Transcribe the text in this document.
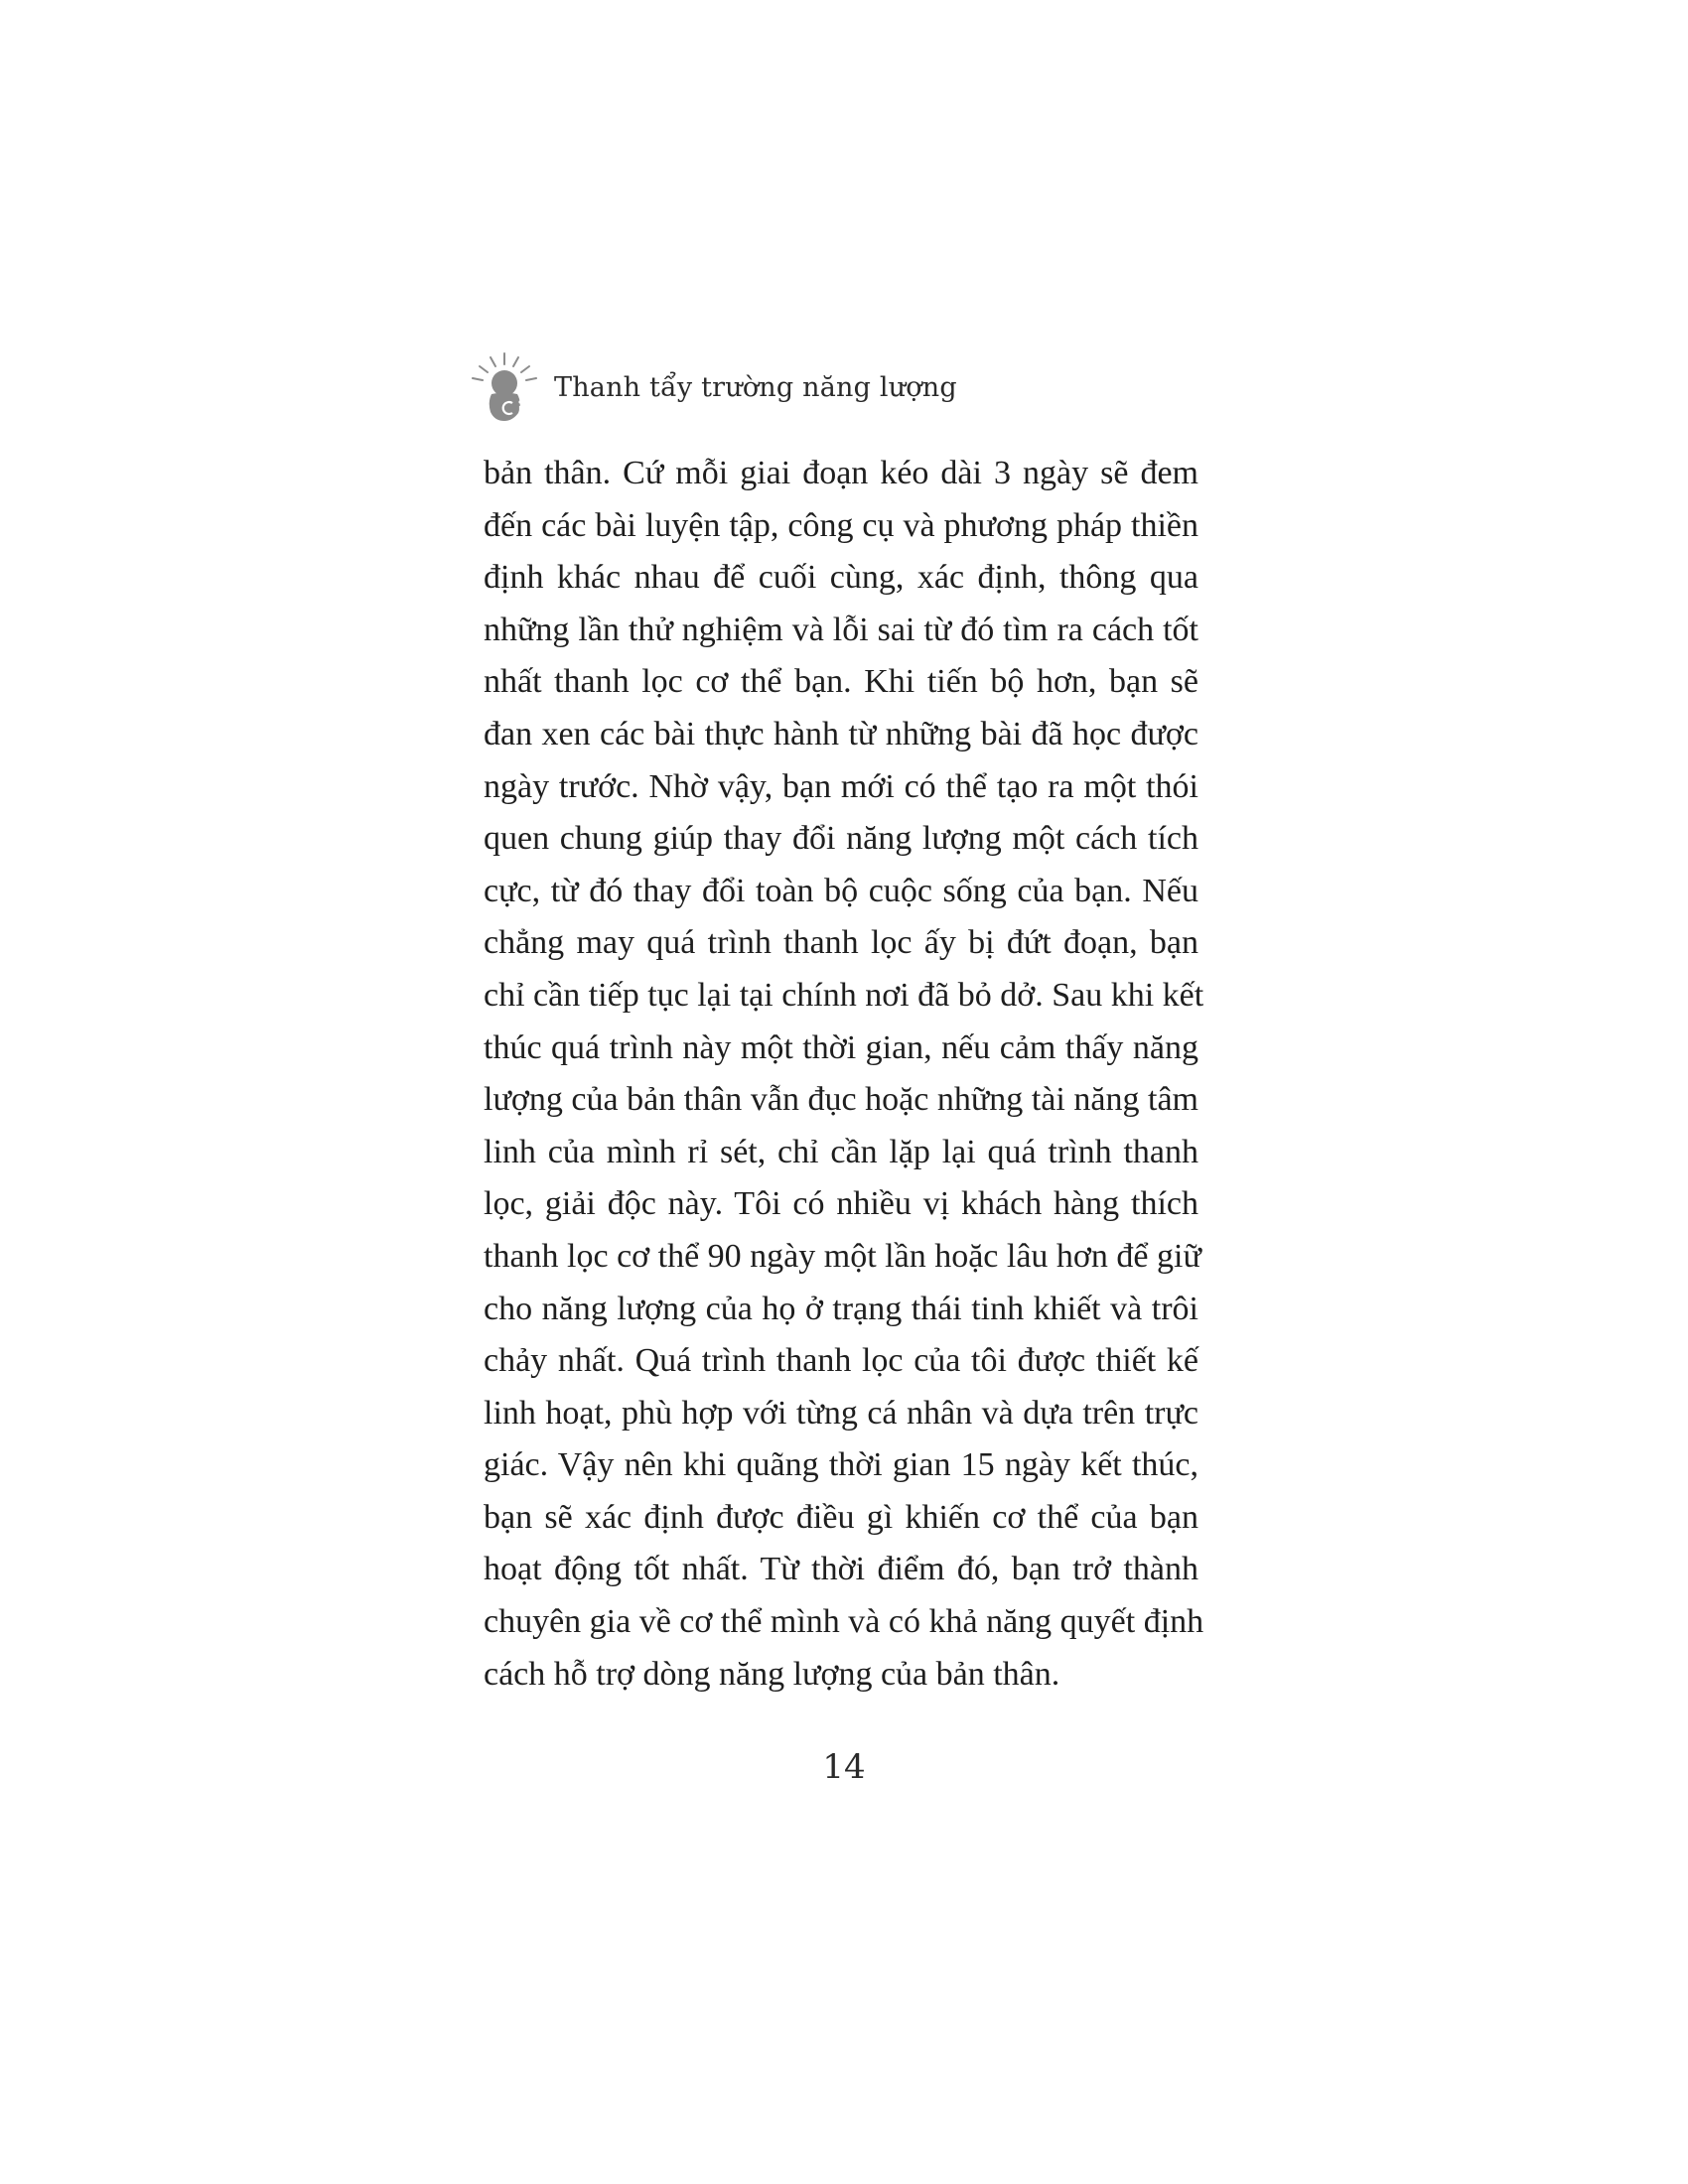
Thanh tẩy trường năng lượng
bản thân. Cứ mỗi giai đoạn kéo dài 3 ngày sẽ đem
đến các bài luyện tập, công cụ và phương pháp thiền
định khác nhau để cuối cùng, xác định, thông qua
những lần thử nghiệm và lỗi sai từ đó tìm ra cách tốt
nhất thanh lọc cơ thể bạn. Khi tiến bộ hơn, bạn sẽ
đan xen các bài thực hành từ những bài đã học được
ngày trước. Nhờ vậy, bạn mới có thể tạo ra một thói
quen chung giúp thay đổi năng lượng một cách tích
cực, từ đó thay đổi toàn bộ cuộc sống của bạn. Nếu
chẳng may quá trình thanh lọc ấy bị đứt đoạn, bạn
chỉ cần tiếp tục lại tại chính nơi đã bỏ dở. Sau khi kết
thúc quá trình này một thời gian, nếu cảm thấy năng
lượng của bản thân vẫn đục hoặc những tài năng tâm
linh của mình rỉ sét, chỉ cần lặp lại quá trình thanh
lọc, giải độc này. Tôi có nhiều vị khách hàng thích
thanh lọc cơ thể 90 ngày một lần hoặc lâu hơn để giữ
cho năng lượng của họ ở trạng thái tinh khiết và trôi
chảy nhất. Quá trình thanh lọc của tôi được thiết kế
linh hoạt, phù hợp với từng cá nhân và dựa trên trực
giác. Vậy nên khi quãng thời gian 15 ngày kết thúc,
bạn sẽ xác định được điều gì khiến cơ thể của bạn
hoạt động tốt nhất. Từ thời điểm đó, bạn trở thành
chuyên gia về cơ thể mình và có khả năng quyết định
cách hỗ trợ dòng năng lượng của bản thân.
14
